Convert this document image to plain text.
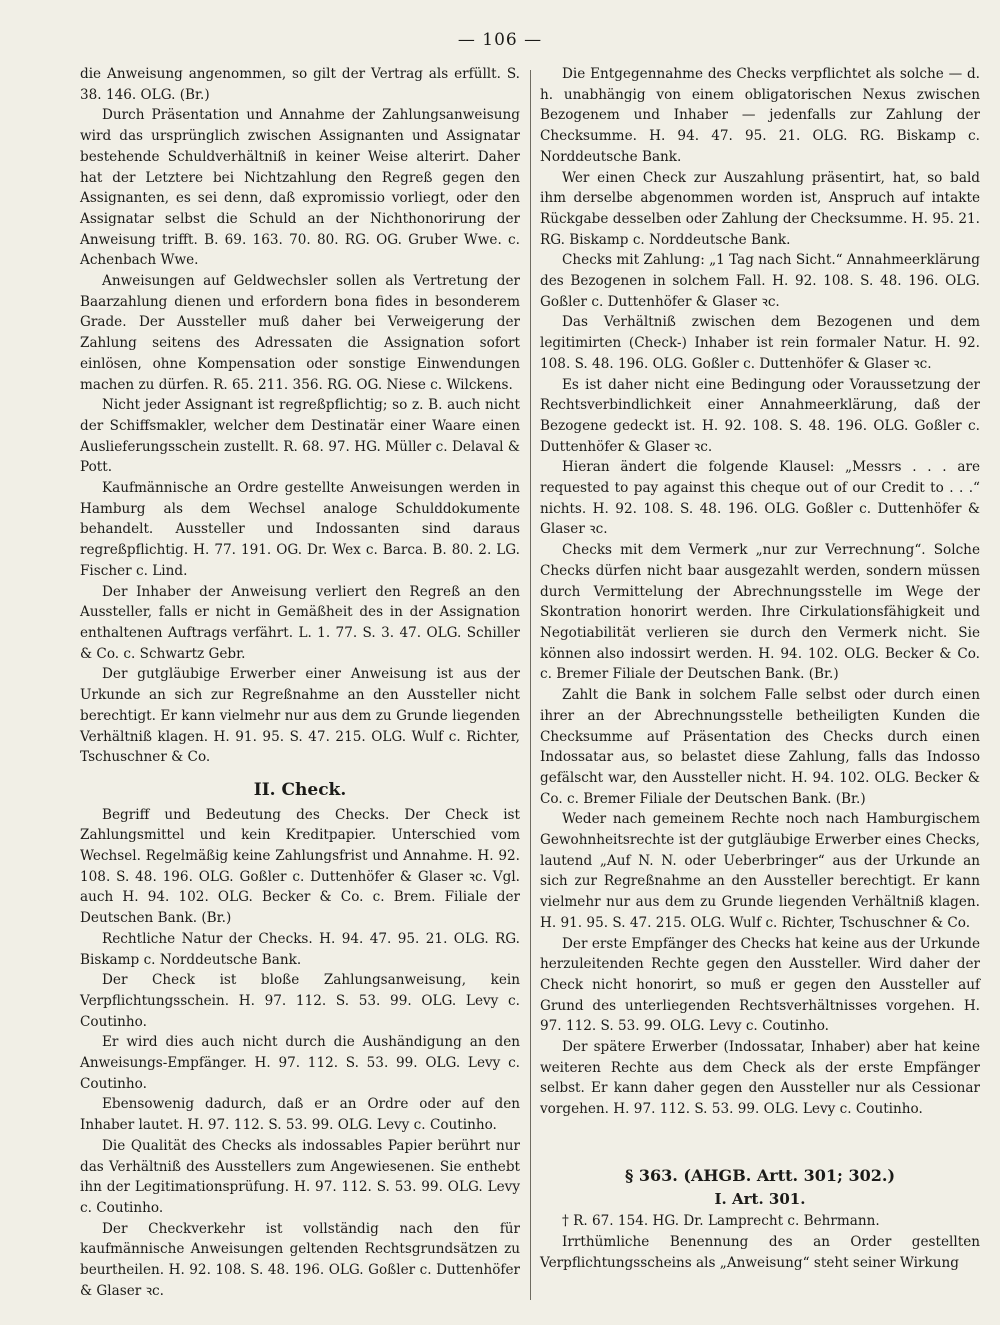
— 106 —

die Anweisung angenommen, so gilt der Vertrag als erfüllt. S. 38. 146. OLG. (Br.)

Durch Präsentation und Annahme der Zahlungsanweisung wird das ursprünglich zwischen Assignanten und Assignatar bestehende Schuldverhältniß in keiner Weise alterirt. Daher hat der Letztere bei Nichtzahlung den Regreß gegen den Assignanten, es sei denn, daß expromissio vorliegt, oder den Assignatar selbst die Schuld an der Nichthonorirung der Anweisung trifft. B. 69. 163. 70. 80. RG. OG. Gruber Wwe. c. Achenbach Wwe.

Anweisungen auf Geldwechsler sollen als Vertretung der Baarzahlung dienen und erfordern bona fides in besonderem Grade. Der Aussteller muß daher bei Verweigerung der Zahlung seitens des Adressaten die Assignation sofort einlösen, ohne Kompensation oder sonstige Einwendungen machen zu dürfen. R. 65. 211. 356. RG. OG. Niese c. Wilckens.

Nicht jeder Assignant ist regreßpflichtig; so z. B. auch nicht der Schiffsmakler, welcher dem Destinatär einer Waare einen Auslieferungsschein zustellt. R. 68. 97. HG. Müller c. Delaval & Pott.

Kaufmännische an Ordre gestellte Anweisungen werden in Hamburg als dem Wechsel analoge Schulddokumente behandelt. Aussteller und Indossanten sind daraus regreßpflichtig. H. 77. 191. OG. Dr. Wex c. Barca. B. 80. 2. LG. Fischer c. Lind.

Der Inhaber der Anweisung verliert den Regreß an den Aussteller, falls er nicht in Gemäßheit des in der Assignation enthaltenen Auftrags verfährt. L. 1. 77. S. 3. 47. OLG. Schiller & Co. c. Schwartz Gebr.

Der gutgläubige Erwerber einer Anweisung ist aus der Urkunde an sich zur Regreßnahme an den Aussteller nicht berechtigt. Er kann vielmehr nur aus dem zu Grunde liegenden Verhältniß klagen. H. 91. 95. S. 47. 215. OLG. Wulf c. Richter, Tschuschner & Co.

II. Check.

Begriff und Bedeutung des Checks. Der Check ist Zahlungsmittel und kein Kreditpapier. Unterschied vom Wechsel. Regelmäßig keine Zahlungsfrist und Annahme. H. 92. 108. S. 48. 196. OLG. Goßler c. Duttenhöfer & Glaser ꝛc. Vgl. auch H. 94. 102. OLG. Becker & Co. c. Brem. Filiale der Deutschen Bank. (Br.)

Rechtliche Natur der Checks. H. 94. 47. 95. 21. OLG. RG. Biskamp c. Norddeutsche Bank.

Der Check ist bloße Zahlungsanweisung, kein Verpflichtungsschein. H. 97. 112. S. 53. 99. OLG. Levy c. Coutinho.

Er wird dies auch nicht durch die Aushändigung an den Anweisungs-Empfänger. H. 97. 112. S. 53. 99. OLG. Levy c. Coutinho.

Ebensowenig dadurch, daß er an Ordre oder auf den Inhaber lautet. H. 97. 112. S. 53. 99. OLG. Levy c. Coutinho.

Die Qualität des Checks als indossables Papier berührt nur das Verhältniß des Ausstellers zum Angewiesenen. Sie enthebt ihn der Legitimationsprüfung. H. 97. 112. S. 53. 99. OLG. Levy c. Coutinho.

Der Checkverkehr ist vollständig nach den für kaufmännische Anweisungen geltenden Rechtsgrundsätzen zu beurtheilen. H. 92. 108. S. 48. 196. OLG. Goßler c. Duttenhöfer & Glaser ꝛc.

Die Entgegennahme des Checks verpflichtet als solche — d. h. unabhängig von einem obligatorischen Nexus zwischen Bezogenem und Inhaber — jedenfalls zur Zahlung der Checksumme. H. 94. 47. 95. 21. OLG. RG. Biskamp c. Norddeutsche Bank.

Wer einen Check zur Auszahlung präsentirt, hat, so bald ihm derselbe abgenommen worden ist, Anspruch auf intakte Rückgabe desselben oder Zahlung der Checksumme. H. 95. 21. RG. Biskamp c. Norddeutsche Bank.

Checks mit Zahlung: „1 Tag nach Sicht.“ Annahmeerklärung des Bezogenen in solchem Fall. H. 92. 108. S. 48. 196. OLG. Goßler c. Duttenhöfer & Glaser ꝛc.

Das Verhältniß zwischen dem Bezogenen und dem legitimirten (Check-) Inhaber ist rein formaler Natur. H. 92. 108. S. 48. 196. OLG. Goßler c. Duttenhöfer & Glaser ꝛc.

Es ist daher nicht eine Bedingung oder Voraussetzung der Rechtsverbindlichkeit einer Annahmeerklärung, daß der Bezogene gedeckt ist. H. 92. 108. S. 48. 196. OLG. Goßler c. Duttenhöfer & Glaser ꝛc.

Hieran ändert die folgende Klausel: „Messrs . . . are requested to pay against this cheque out of our Credit to . . .“ nichts. H. 92. 108. S. 48. 196. OLG. Goßler c. Duttenhöfer & Glaser ꝛc.

Checks mit dem Vermerk „nur zur Verrechnung“. Solche Checks dürfen nicht baar ausgezahlt werden, sondern müssen durch Vermittelung der Abrechnungsstelle im Wege der Skontration honorirt werden. Ihre Cirkulationsfähigkeit und Negotiabilität verlieren sie durch den Vermerk nicht. Sie können also indossirt werden. H. 94. 102. OLG. Becker & Co. c. Bremer Filiale der Deutschen Bank. (Br.)

Zahlt die Bank in solchem Falle selbst oder durch einen ihrer an der Abrechnungsstelle betheiligten Kunden die Checksumme auf Präsentation des Checks durch einen Indossatar aus, so belastet diese Zahlung, falls das Indosso gefälscht war, den Aussteller nicht. H. 94. 102. OLG. Becker & Co. c. Bremer Filiale der Deutschen Bank. (Br.)

Weder nach gemeinem Rechte noch nach Hamburgischem Gewohnheitsrechte ist der gutgläubige Erwerber eines Checks, lautend „Auf N. N. oder Ueberbringer“ aus der Urkunde an sich zur Regreßnahme an den Aussteller berechtigt. Er kann vielmehr nur aus dem zu Grunde liegenden Verhältniß klagen. H. 91. 95. S. 47. 215. OLG. Wulf c. Richter, Tschuschner & Co.

Der erste Empfänger des Checks hat keine aus der Urkunde herzuleitenden Rechte gegen den Aussteller. Wird daher der Check nicht honorirt, so muß er gegen den Aussteller auf Grund des unterliegenden Rechtsverhältnisses vorgehen. H. 97. 112. S. 53. 99. OLG. Levy c. Coutinho.

Der spätere Erwerber (Indossatar, Inhaber) aber hat keine weiteren Rechte aus dem Check als der erste Empfänger selbst. Er kann daher gegen den Aussteller nur als Cessionar vorgehen. H. 97. 112. S. 53. 99. OLG. Levy c. Coutinho.

§ 363. (AHGB. Artt. 301; 302.)
I. Art. 301.

† R. 67. 154. HG. Dr. Lamprecht c. Behrmann.

Irrthümliche Benennung des an Order gestellten Verpflichtungsscheins als „Anweisung“ steht seiner Wirkung
